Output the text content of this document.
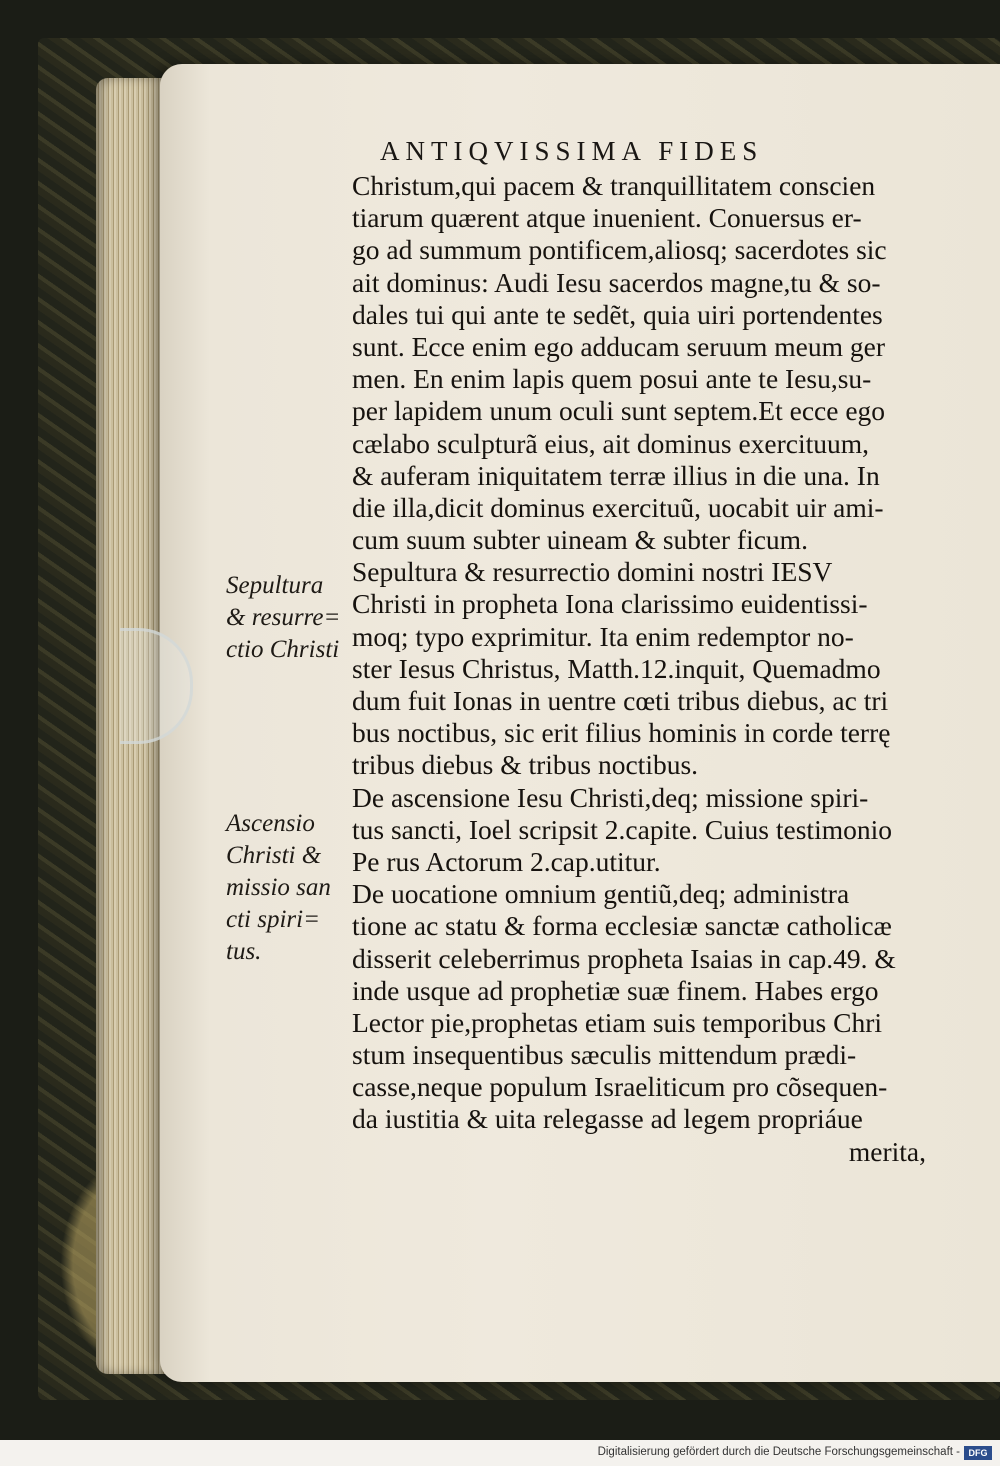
ANTIQVISSIMA FIDES
Christum,qui pacem & tranquillitatem conscien
tiarum quærent atque inuenient. Conuersus er-
go ad summum pontificem,aliosq; sacerdotes sic
ait dominus: Audi Iesu sacerdos magne,tu & so-
dales tui qui ante te sedẽt, quia uiri portendentes
sunt. Ecce enim ego adducam seruum meum ger
men. En enim lapis quem posui ante te Iesu,su-
per lapidem unum oculi sunt septem.Et ecce ego
cælabo sculpturã eius, ait dominus exercituum,
& auferam iniquitatem terræ illius in die una. In
die illa,dicit dominus exercituũ, uocabit uir ami-
cum suum subter uineam & subter ficum.
Sepultura & resurrectio domini nostri IESV
Christi in propheta Iona clarissimo euidentissi-
moq; typo exprimitur. Ita enim redemptor no-
ster Iesus Christus, Matth.12.inquit, Quemadmo
dum fuit Ionas in uentre cœti tribus diebus, ac tri
bus noctibus, sic erit filius hominis in corde terrę
tribus diebus & tribus noctibus.
De ascensione Iesu Christi,deq; missione spiri-
tus sancti, Ioel scripsit 2.capite. Cuius testimonio
Pe rus Actorum 2.cap.utitur.
De uocatione omnium gentiũ,deq; administra
tione ac statu & forma ecclesiæ sanctæ catholicæ
disserit celeberrimus propheta Isaias in cap.49. &
inde usque ad prophetiæ suæ finem. Habes ergo
Lector pie,prophetas etiam suis temporibus Chri
stum insequentibus sæculis mittendum prædi-
casse,neque populum Israeliticum pro cõsequen-
da iustitia & uita relegasse ad legem propriáue
merita,
Sepultura
& resurre=
ctio Christi
Ascensio
Christi &
missio san
cti spiri=
tus.
Digitalisierung gefördert durch die Deutsche Forschungsgemeinschaft - DFG
